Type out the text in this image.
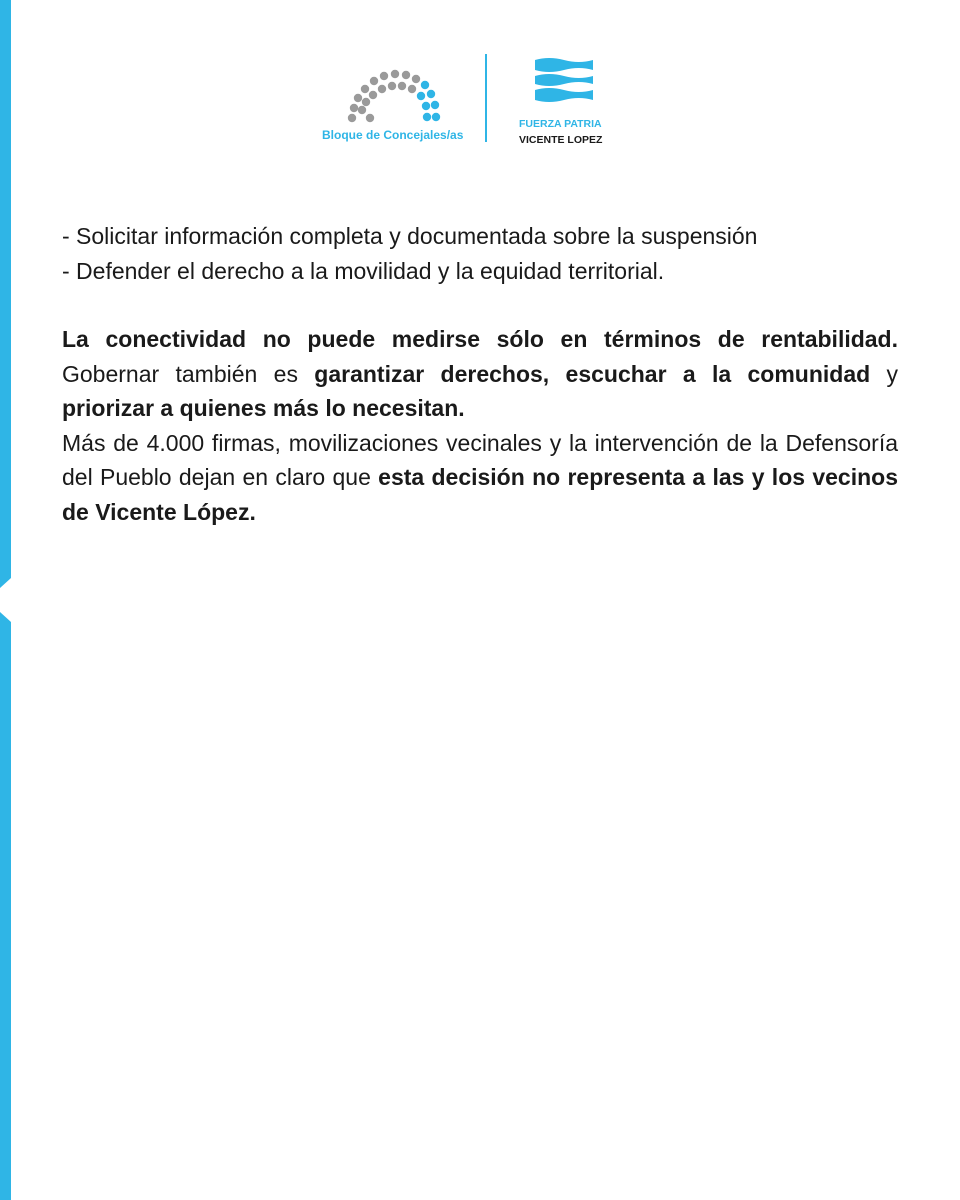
Bloque de Concejales/as
FUERZA PATRIA
VICENTE LOPEZ
- Solicitar información completa y documentada sobre la suspensión
- Defender el derecho a la movilidad y la equidad territorial.

La conectividad no puede medirse sólo en términos de rentabilidad. Gobernar también es garantizar derechos, escuchar a la comunidad y priorizar a quienes más lo necesitan.

Más de 4.000 firmas, movilizaciones vecinales y la intervención de la Defensoría del Pueblo dejan en claro que esta decisión no representa a las y los vecinos de Vicente López.
